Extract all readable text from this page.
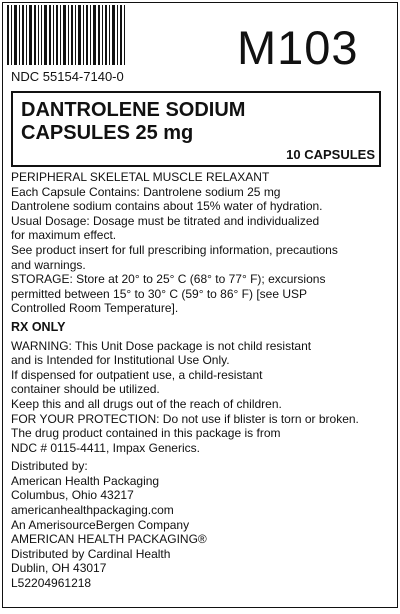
M103
NDC 55154-7140-0
DANTROLENE SODIUM
CAPSULES 25 mg
10 CAPSULES

PERIPHERAL SKELETAL MUSCLE RELAXANT

Each Capsule Contains: Dantrolene sodium 25 mg

Dantrolene sodium contains about 15% water of hydration.

Usual Dosage: Dosage must be titrated and individualized

for maximum effect.

See product insert for full prescribing information, precautions

and warnings.

STORAGE: Store at 20° to 25° C (68° to 77° F); excursions

permitted between 15° to 30° C (59° to 86° F) [see USP

Controlled Room Temperature].

RX ONLY

WARNING: This Unit Dose package is not child resistant

and is Intended for Institutional Use Only.

If dispensed for outpatient use, a child-resistant

container should be utilized.

Keep this and all drugs out of the reach of children.

FOR YOUR PROTECTION: Do not use if blister is torn or broken.

The drug product contained in this package is from

NDC # 0115-4411, Impax Generics.

Distributed by:

American Health Packaging

Columbus, Ohio 43217

americanhealthpackaging.com

An AmerisourceBergen Company

AMERICAN HEALTH PACKAGING®

Distributed by Cardinal Health

Dublin, OH 43017

L52204961218
